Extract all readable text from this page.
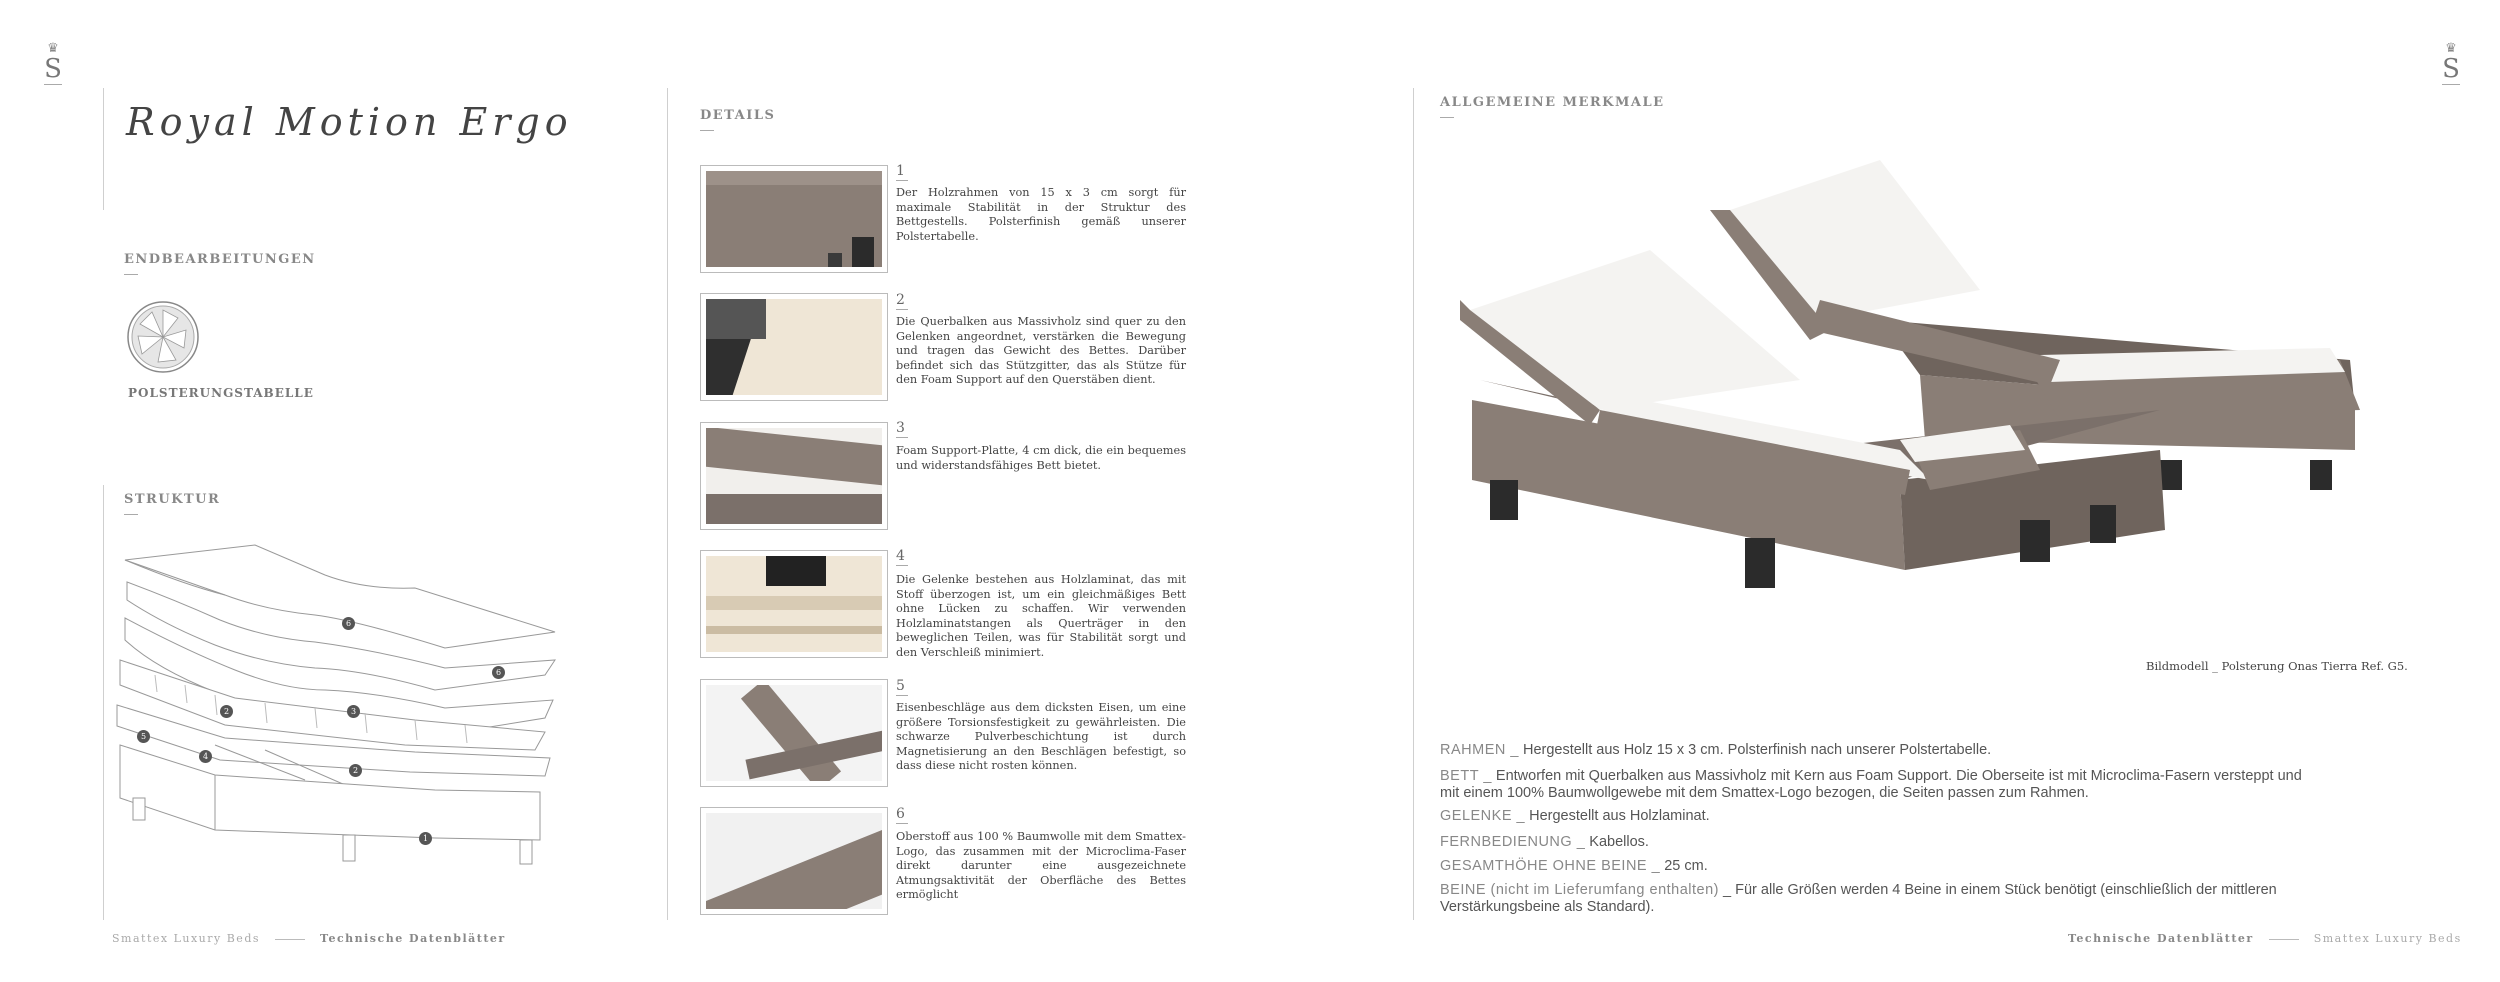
♛
S
♛
S
Royal Motion Ergo
ENDBEARBEITUNGEN
POLSTERUNGSTABELLE
STRUKTUR
6
6
3
2
5
4
2
1
DETAILS
1
Der Holzrahmen von 15 x 3 cm sorgt für maximale Stabilität in der Struktur des Bettgestells. Polsterfinish gemäß unserer Polstertabelle.
2
Die Querbalken aus Massivholz sind quer zu den Gelenken angeordnet, verstärken die Bewegung und tragen das Gewicht des Bettes. Darüber befindet sich das Stützgitter, das als Stütze für den Foam Support auf den Querstäben dient.
3
Foam Support-Platte, 4 cm dick, die ein bequemes und widerstandsfähiges Bett bietet.
4
Die Gelenke bestehen aus Holzlaminat, das mit Stoff überzogen ist, um ein gleichmäßiges Bett ohne Lücken zu schaffen. Wir verwenden Holzlaminatstangen als Querträger in den beweglichen Teilen, was für Stabilität sorgt und den Verschleiß minimiert.
5
Eisenbeschläge aus dem dicksten Eisen, um eine größere Torsionsfestigkeit zu gewährleisten. Die schwarze Pulverbeschichtung ist durch Magnetisierung an den Beschlägen befestigt, so dass diese nicht rosten können.
6
Oberstoff aus 100 % Baumwolle mit dem Smattex-Logo, das zusammen mit der Microclima-Faser direkt darunter eine ausgezeichnete Atmungsaktivität der Oberfläche des Bettes ermöglicht
ALLGEMEINE MERKMALE
Bildmodell _ Polsterung Onas Tierra Ref. G5.
RAHMEN _ Hergestellt aus Holz 15 x 3 cm. Polsterfinish nach unserer Polstertabelle.
BETT _ Entworfen mit Querbalken aus Massivholz mit Kern aus Foam Support. Die Oberseite ist mit Microclima-Fasern versteppt und mit einem 100% Baumwollgewebe mit dem Smattex-Logo bezogen, die Seiten passen zum Rahmen.
GELENKE _ Hergestellt aus Holzlaminat.
FERNBEDIENUNG _ Kabellos.
GESAMTHÖHE OHNE BEINE _ 25 cm.
BEINE (nicht im Lieferumfang enthalten) _ Für alle Größen werden 4 Beine in einem Stück benötigt (einschließlich der mittleren Verstärkungsbeine als Standard).
Smattex Luxury Beds	Technische Datenblätter	Technische Datenblätter	Smattex Luxury Beds
